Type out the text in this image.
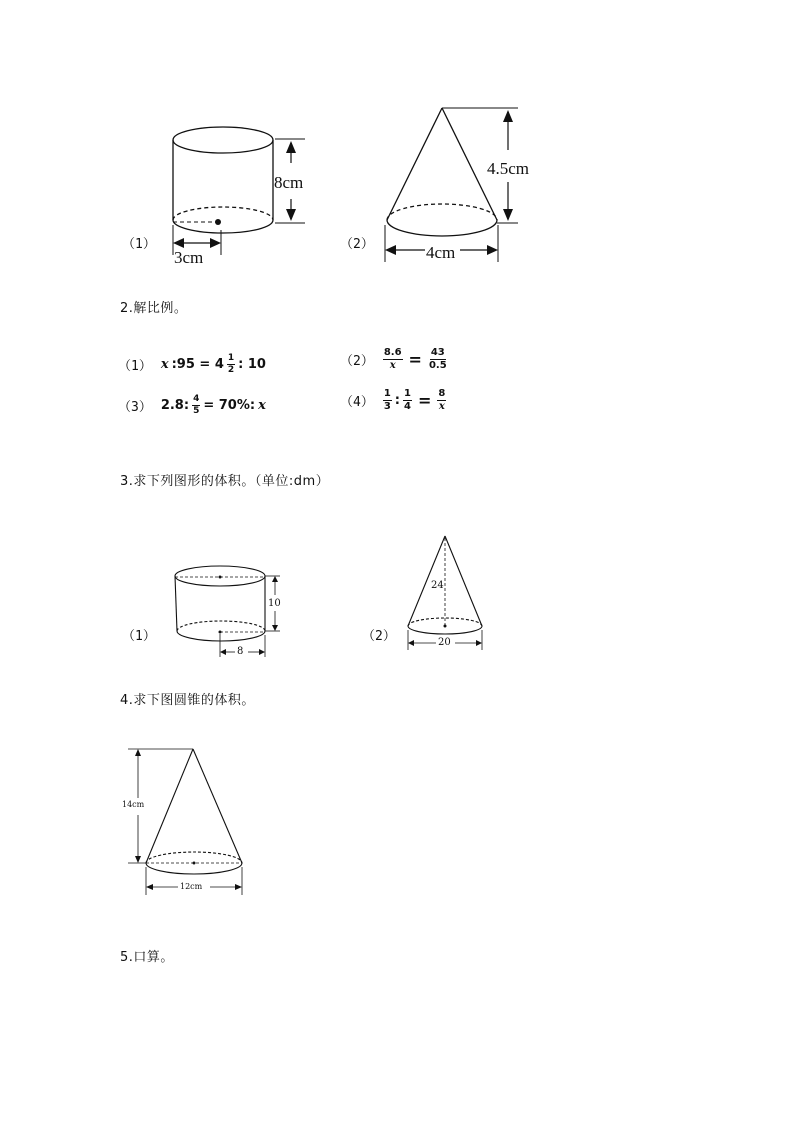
（1）
8cm
3cm
（2）
4.5cm
4cm
2.解比例。
（1） x :95 = $4 \frac{1}{2}$ : 10	$(2) \frac{8.6}{x} = \frac{43}{0.5}$
（3） 2.8: $\frac{4}{5} = 70\%$: x	$(4) \frac{1}{3}$ : $\frac{1}{4} = \frac{8}{x}$
3.求下列图形的体积。（单位:dm）
（1）
10
8
（2）
24
20
4.求下图圆锥的体积。
14cm
12cm
5.口算。
